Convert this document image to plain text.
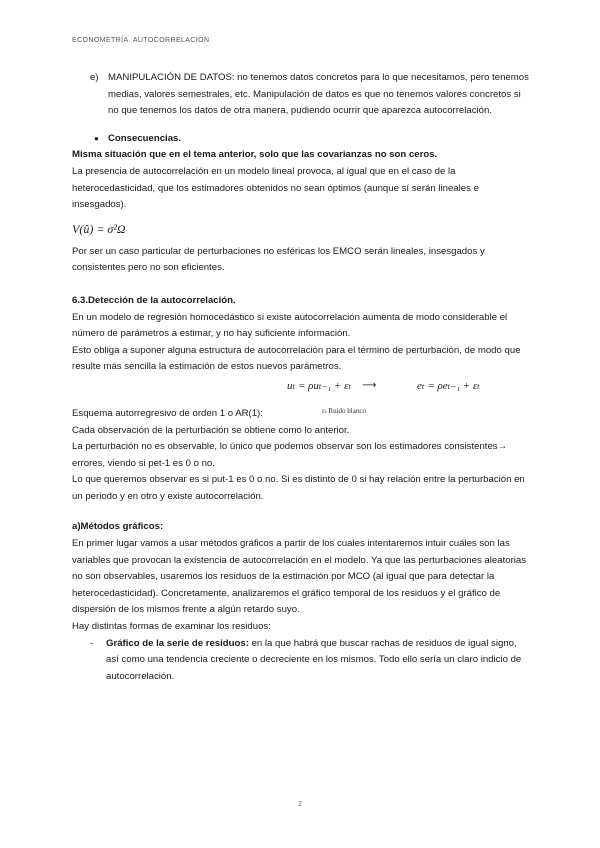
ECONOMETRÍA. AUTOCORRELACIÓN
e) MANIPULACIÓN DE DATOS: no tenemos datos concretos para lo que necesitamos, pero tenemos medias, valores semestrales, etc. Manipulación de datos es que no tenemos valores concretos si no que tenemos los datos de otra manera, pudiendo ocurrir que aparezca autocorrelación.
● Consecuencias.
Misma situación que en el tema anterior, solo que las covarianzas no son ceros.
La presencia de autocorrelación en un modelo lineal provoca, al igual que en el caso de la heterocedasticidad, que los estimadores obtenidos no sean óptimos (aunque sí serán lineales e insesgados).
V(û) = σ²Ω
Por ser un caso particular de perturbaciones no esféricas los EMCO serán lineales, insesgados y consistentes pero no son eficientes.
6.3.Detección de la autocorrelación.
En un modelo de regresión homocedástico si existe autocorrelación aumenta de modo considerable el número de parámetros a estimar, y no hay suficiente información.
Esto obliga a suponer alguna estructura de autocorrelación para el término de perturbación, de modo que resulte más sencilla la estimación de estos nuevos parámetros.
uₜ = ρuₜ₋₁ + εₜ ⟶	eₜ = ρeₜ₋₁ + εₜ
Esquema autorregresivo de orden 1 o AR(1):	εₜ Ruido blanco
Cada observación de la perturbación se obtiene como lo anterior.
La perturbación no es observable, lo único que podemos observar son los estimadores consistentes→ errores, viendo si pet-1 es 0 o no.
Lo que queremos observar es si put-1 es 0 o no. Si es distinto de 0 si hay relación entre la perturbación en un periodo y en otro y existe autocorrelación.
a)Métodos gráficos:
En primer lugar vamos a usar métodos gráficos a partir de los cuales intentaremos intuir cuáles son las variables que provocan la existencia de autocorrelación en el modelo. Ya que las perturbaciones aleatorias no son observables, usaremos los residuos de la estimación por MCO (al igual que para detectar la heterocedasticidad). Concretamente, analizaremos el gráfico temporal de los residuos y el gráfico de dispersión de los mismos frente a algún retardo suyo.
Hay distintas formas de examinar los residuos:
-	Gráfico de la serie de residuos: en la que habrá que buscar rachas de residuos de igual signo, así como una tendencia creciente o decreciente en los mismos. Todo ello sería un claro indicio de autocorrelación.
2
